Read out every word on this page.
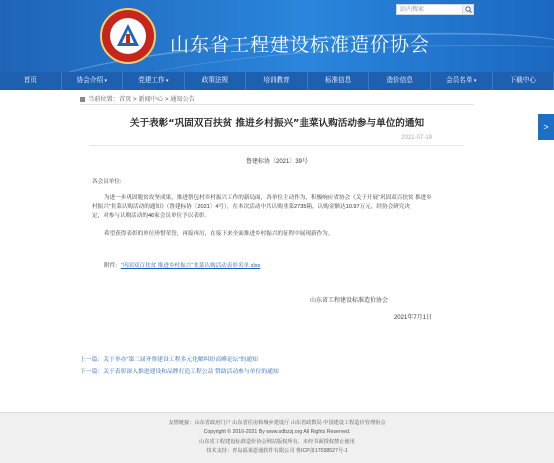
山东省工程建设标准造价协会
站内搜索
首页	协会介绍 ▾	党建工作 ▾	政策法规	培训教育	标准信息	造价信息	会员名单 ▾	下载中心
当前位置：首页 > 新闻中心 > 通知公告
关于表彰“巩固双百扶贫 推进乡村振兴”韭菜认购活动参与单位的通知
2021-07-19
鲁建标协〔2021〕39号
各会员单位:
为进一步巩固脱贫攻坚成果，推进帮包村乡村振兴工作的新局面，各单位主动作为，积极响应省协会《关于开展“巩固双百扶贫 推进乡
村振兴”韭菜认购活动的通知》（鲁建标协〔2021〕4号），在本次活动中共认购韭菜2735箱，认购金额达10.97万元。经协会研究决
定，对参与认购活动的46家会员单位予以表彰。
希望获得表彰的单位珍惜荣誉，再接再厉，在接下来全面推进乡村振兴的征程中展现新作为。
附件：“巩固双百扶贫 推进乡村振兴”韭菜认购活动表彰名单.xlsx
山东省工程建设标准造价协会
2021年7月1日
上一篇：关于举办“第二届齐鲁建设工程多元化解纠纷高峰论坛”的通知
下一篇：关于表彰深入推进建设和品牌打造工程公益 赞助活动参与单位的通知
>
友情链接：山东省政府门户 山东省住房和城乡建设厅 山东省政数局 中国建设工程造价管理协会
Copyright © 2016-2021 By www.sdbzzj.org All Rights Reserved.
山东省工程建设标准造价协会网站版权所有，未经书面授权禁止使用
技术支持：青岛福莱恩通软件有限公司 鲁ICP备17038527号-1
